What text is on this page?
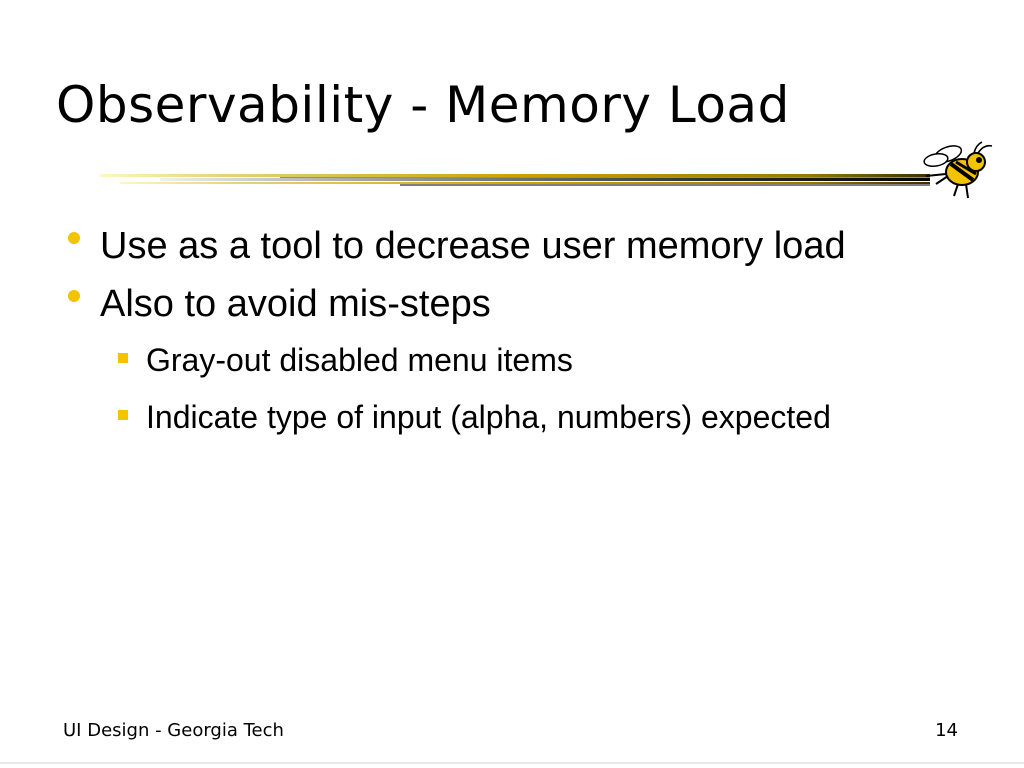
Observability - Memory Load
Use as a tool to decrease user memory load
Also to avoid mis-steps
Gray-out disabled menu items
Indicate type of input (alpha, numbers) expected
UI Design - Georgia Tech	14
